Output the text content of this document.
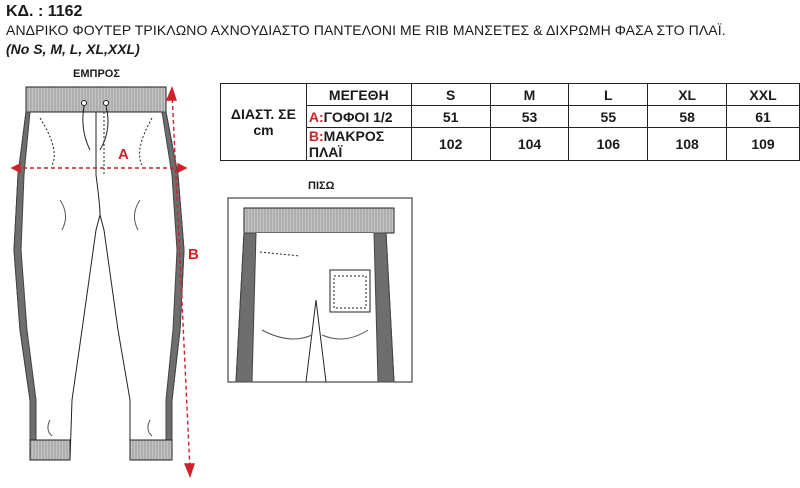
ΚΔ. : 1162
ΑΝΔΡΙΚΟ ΦΟΥΤΕΡ ΤΡΙΚΛΩΝΟ ΑΧΝΟΥΔΙΑΣΤΟ ΠΑΝΤΕΛΟΝΙ ΜΕ RIB ΜΑΝΣΕΤΕΣ & ΔΙΧΡΩΜΗ ΦΑΣΑ ΣΤΟ ΠΛΑΪ.
(No S, M, L, XL,XXL)
ΕΜΠΡΟΣ
ΠΙΣΩ
A
B
ΔΙΑΣΤ. ΣΕ cm	ΜΕΓΕΘΗ	S	M	L	XL	XXL
	A:ΓΟΦΟΙ 1/2	51	53	55	58	61
	B:ΜΑΚΡΟΣ ΠΛΑΪ	102	104	106	108	109
